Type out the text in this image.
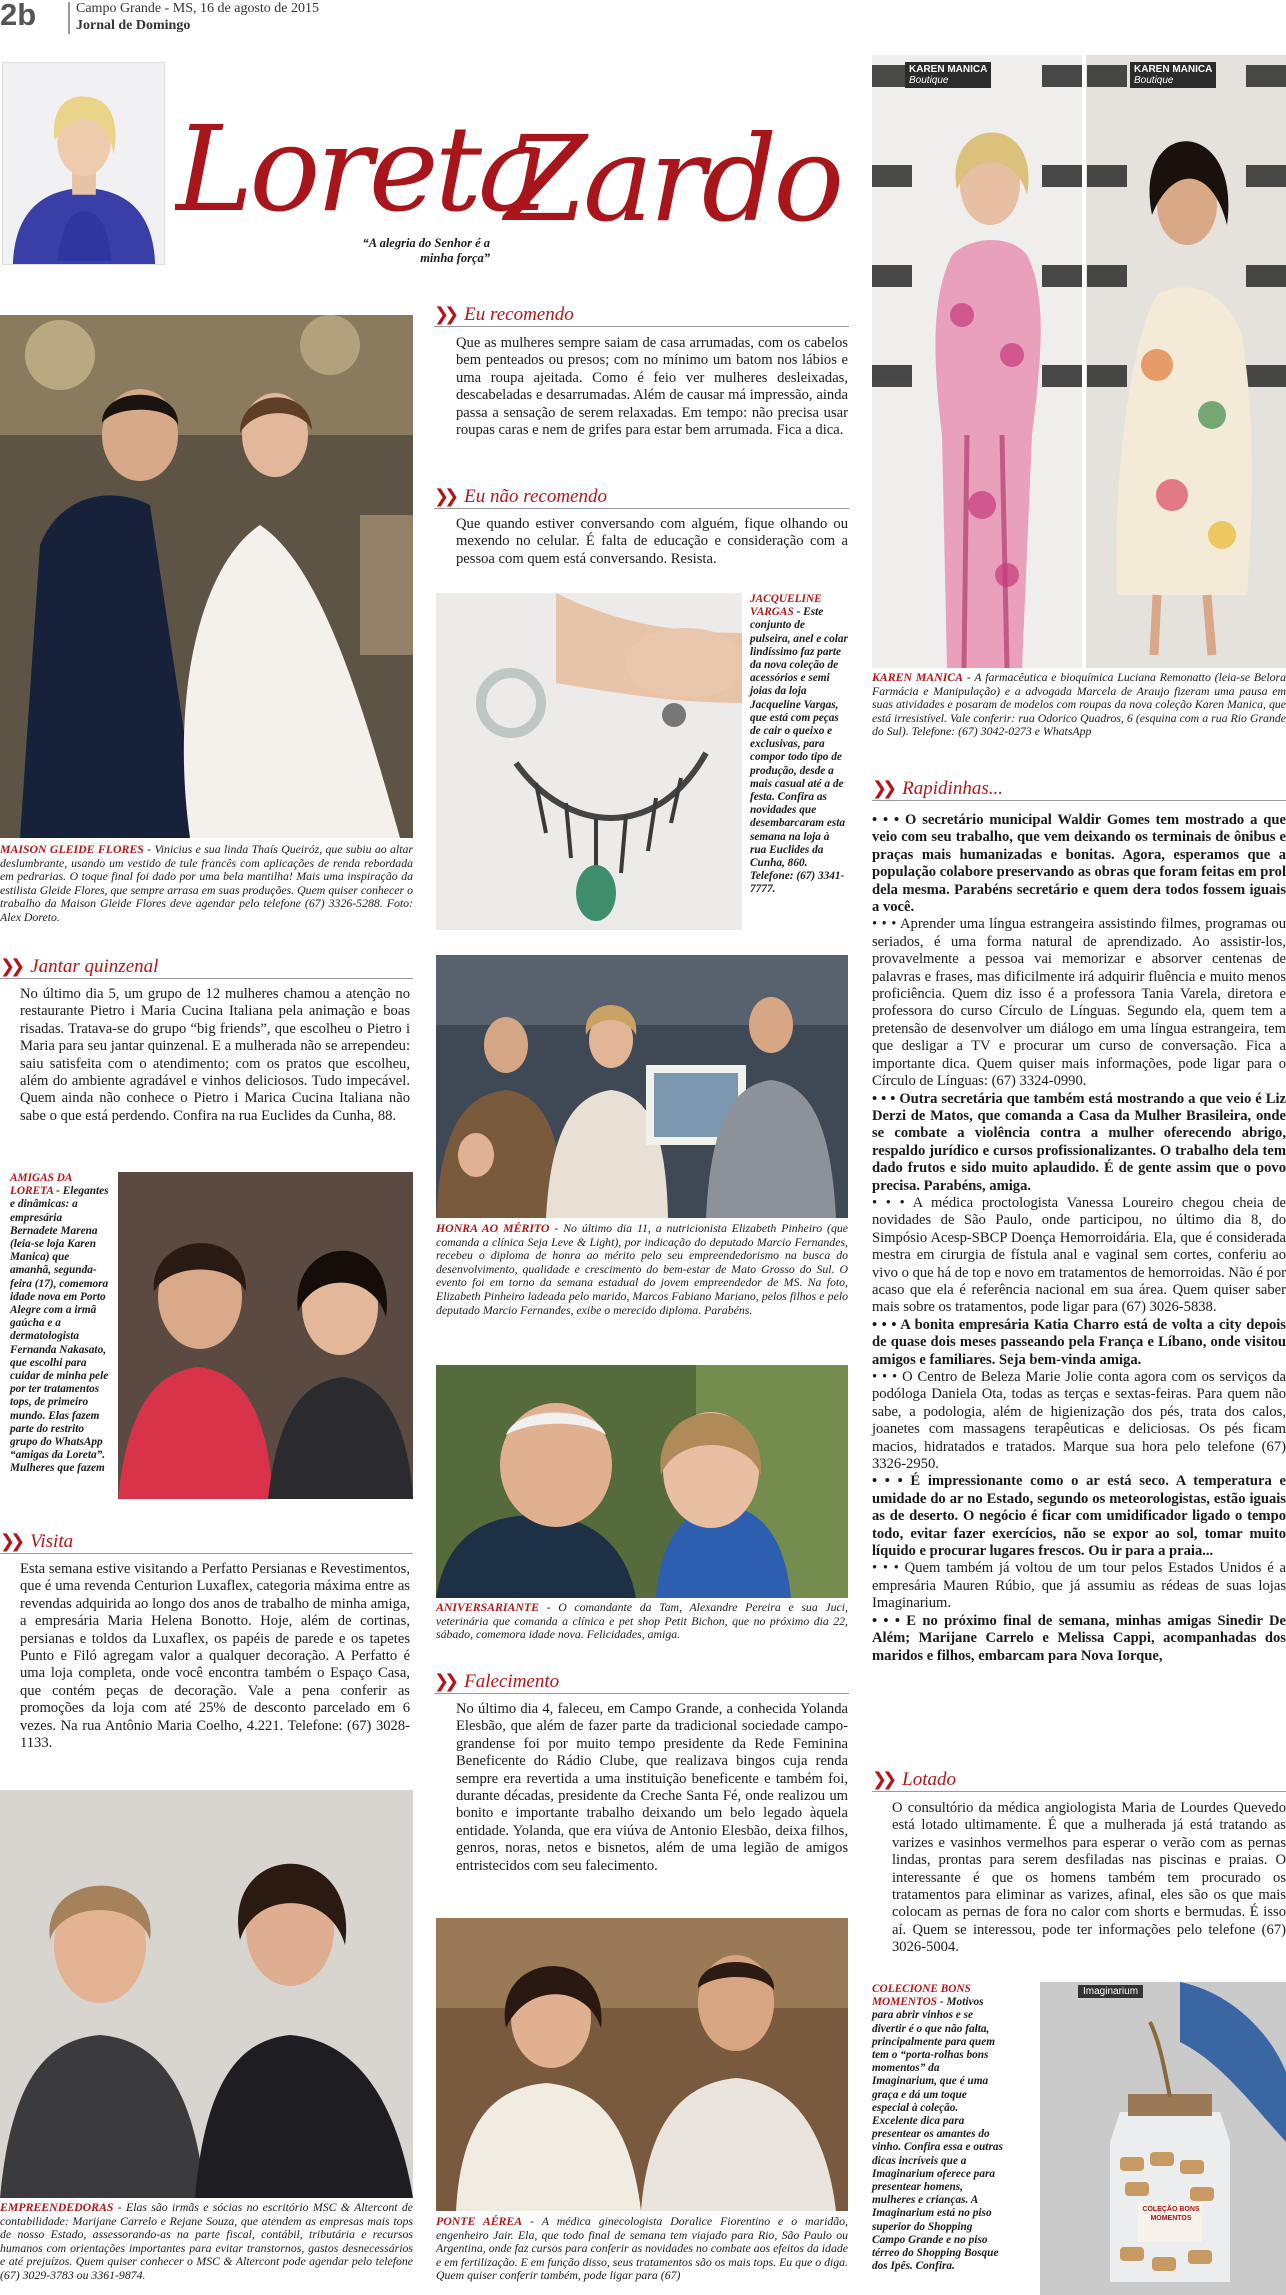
2b	Campo Grande - MS, 16 de agosto de 2015
Jornal de Domingo
Loreta
Zardo
“A alegria do Senhor é a
minha força”
MAISON GLEIDE FLORES - Vinicius e sua linda Thaís Queiróz, que subiu ao altar deslumbrante, usando um vestido de tule francês com aplicações de renda rebordada em pedrarias. O toque final foi dado por uma bela mantilha! Mais uma inspiração da estilista Gleide Flores, que sempre arrasa em suas produções. Quem quiser conhecer o trabalho da Maison Gleide Flores deve agendar pelo telefone (67) 3326-5288. Foto: Alex Doreto.
❯❯ Jantar quinzenal
No último dia 5, um grupo de 12 mulheres chamou a atenção no restaurante Pietro i Maria Cucina Italiana pela animação e boas risadas. Tratava-se do grupo “big friends”, que escolheu o Pietro i Maria para seu jantar quinzenal. E a mulherada não se arrependeu: saiu satisfeita com o atendimento; com os pratos que escolheu, além do ambiente agradável e vinhos deliciosos. Tudo impecável. Quem ainda não conhece o Pietro i Marica Cucina Italiana não sabe o que está perdendo. Confira na rua Euclides da Cunha, 88.
AMIGAS DA LORETA - Elegantes e dinâmicas: a empresária Bernadete Marena (leia-se loja Karen Manica) que amanhã, segunda-feira (17), comemora idade nova em Porto Alegre com a irmã gaúcha e a dermatologista Fernanda Nakasato, que escolhi para cuidar de minha pele por ter tratamentos tops, de primeiro mundo. Elas fazem parte do restrito grupo do WhatsApp “amigas da Loreta”. Mulheres que fazem
❯❯ Visita
Esta semana estive visitando a Perfatto Persianas e Revestimentos, que é uma revenda Centurion Luxaflex, categoria máxima entre as revendas adquirida ao longo dos anos de trabalho de minha amiga, a empresária Maria Helena Bonotto. Hoje, além de cortinas, persianas e toldos da Luxaflex, os papéis de parede e os tapetes Punto e Filó agregam valor a qualquer decoração. A Perfatto é uma loja completa, onde você encontra também o Espaço Casa, que contém peças de decoração. Vale a pena conferir as promoções da loja com até 25% de desconto parcelado em 6 vezes. Na rua Antônio Maria Coelho, 4.221. Telefone: (67) 3028-1133.
EMPREENDEDORAS - Elas são irmãs e sócias no escritório MSC & Altercont de contabilidade: Marijane Carrelo e Rejane Souza, que atendem as empresas mais tops de nosso Estado, assessorando-as na parte fiscal, contábil, tributária e recursos humanos com orientações importantes para evitar transtornos, gastos desnecessários e até prejuízos. Quem quiser conhecer o MSC & Altercont pode agendar pelo telefone (67) 3029-3783 ou 3361-9874.
❯❯ Eu recomendo
Que as mulheres sempre saiam de casa arrumadas, com os cabelos bem penteados ou presos; com no mínimo um batom nos lábios e uma roupa ajeitada. Como é feio ver mulheres desleixadas, descabeladas e desarrumadas. Além de causar má impressão, ainda passa a sensação de serem relaxadas. Em tempo: não precisa usar roupas caras e nem de grifes para estar bem arrumada. Fica a dica.
❯❯ Eu não recomendo
Que quando estiver conversando com alguém, fique olhando ou mexendo no celular. É falta de educação e consideração com a pessoa com quem está conversando. Resista.
JACQUELINE VARGAS - Este conjunto de pulseira, anel e colar lindíssimo faz parte da nova coleção de acessórios e semi joias da loja Jacqueline Vargas, que está com peças de cair o queixo e exclusivas, para compor todo tipo de produção, desde a mais casual até a de festa. Confira as novidades que desembarcaram esta semana na loja à rua Euclides da Cunha, 860. Telefone: (67) 3341-7777.
HONRA AO MÉRITO - No último dia 11, a nutricionista Elizabeth Pinheiro (que comanda a clínica Seja Leve & Light), por indicação do deputado Marcio Fernandes, recebeu o diploma de honra ao mérito pelo seu empreendedorismo na busca do desenvolvimento, qualidade e crescimento do bem-estar de Mato Grosso do Sul. O evento foi em torno da semana estadual do jovem empreendedor de MS. Na foto, Elizabeth Pinheiro ladeada pelo marido, Marcos Fabiano Mariano, pelos filhos e pelo deputado Marcio Fernandes, exibe o merecido diploma. Parabéns.
ANIVERSARIANTE - O comandante da Tam, Alexandre Pereira e sua Juci, veterinária que comanda a clínica e pet shop Petit Bichon, que no próximo dia 22, sábado, comemora idade nova. Felicidades, amiga.
❯❯ Falecimento
No último dia 4, faleceu, em Campo Grande, a conhecida Yolanda Elesbão, que além de fazer parte da tradicional sociedade campo-grandense foi por muito tempo presidente da Rede Feminina Beneficente do Rádio Clube, que realizava bingos cuja renda sempre era revertida a uma instituição beneficente e também foi, durante décadas, presidente da Creche Santa Fé, onde realizou um bonito e importante trabalho deixando um belo legado àquela entidade. Yolanda, que era viúva de Antonio Elesbão, deixa filhos, genros, noras, netos e bisnetos, além de uma legião de amigos entristecidos com seu falecimento.
PONTE AÉREA - A médica ginecologista Doralice Fiorentino e o maridão, engenheiro Jair. Ela, que todo final de semana tem viajado para Rio, São Paulo ou Argentina, onde faz cursos para conferir as novidades no combate aos efeitos da idade e em fertilização. E em função disso, seus tratamentos são os mais tops. Eu que o diga. Quem quiser conferir também, pode ligar para (67)
KAREN MANICA
Boutique
KAREN MANICA
Boutique
KAREN MANICA - A farmacêutica e bioquímica Luciana Remonatto (leia-se Belora Farmácia e Manipulação) e a advogada Marcela de Araujo fizeram uma pausa em suas atividades e posaram de modelos com roupas da nova coleção Karen Manica, que está irresistível. Vale conferir: rua Odorico Quadros, 6 (esquina com a rua Rio Grande do Sul). Telefone: (67) 3042-0273 e WhatsApp
❯❯ Rapidinhas...
• • • O secretário municipal Waldir Gomes tem mostrado a que veio com seu trabalho, que vem deixando os terminais de ônibus e praças mais humanizadas e bonitas. Agora, esperamos que a população colabore preservando as obras que foram feitas em prol dela mesma. Parabéns secretário e quem dera todos fossem iguais a você.
• • • Aprender uma língua estrangeira assistindo filmes, programas ou seriados, é uma forma natural de aprendizado. Ao assistir-los, provavelmente a pessoa vai memorizar e absorver centenas de palavras e frases, mas dificilmente irá adquirir fluência e muito menos proficiência. Quem diz isso é a professora Tania Varela, diretora e professora do curso Círculo de Línguas. Segundo ela, quem tem a pretensão de desenvolver um diálogo em uma língua estrangeira, tem que desligar a TV e procurar um curso de conversação. Fica a importante dica. Quem quiser mais informações, pode ligar para o Círculo de Línguas: (67) 3324-0990.
• • • Outra secretária que também está mostrando a que veio é Liz Derzi de Matos, que comanda a Casa da Mulher Brasileira, onde se combate a violência contra a mulher oferecendo abrigo, respaldo jurídico e cursos profissionalizantes. O trabalho dela tem dado frutos e sido muito aplaudido. É de gente assim que o povo precisa. Parabéns, amiga.
• • • A médica proctologista Vanessa Loureiro chegou cheia de novidades de São Paulo, onde participou, no último dia 8, do Simpósio Acesp-SBCP Doença Hemorroidária. Ela, que é considerada mestra em cirurgia de fístula anal e vaginal sem cortes, conferiu ao vivo o que há de top e novo em tratamentos de hemorroidas. Não é por acaso que ela é referência nacional em sua área. Quem quiser saber mais sobre os tratamentos, pode ligar para (67) 3026-5838.
• • • A bonita empresária Katia Charro está de volta a city depois de quase dois meses passeando pela França e Líbano, onde visitou amigos e familiares. Seja bem-vinda amiga.
• • • O Centro de Beleza Marie Jolie conta agora com os serviços da podóloga Daniela Ota, todas as terças e sextas-feiras. Para quem não sabe, a podologia, além de higienização dos pés, trata dos calos, joanetes com massagens terapêuticas e deliciosas. Os pés ficam macios, hidratados e tratados. Marque sua hora pelo telefone (67) 3326-2950.
• • • É impressionante como o ar está seco. A temperatura e umidade do ar no Estado, segundo os meteorologistas, estão iguais as de deserto. O negócio é ficar com umidificador ligado o tempo todo, evitar fazer exercícios, não se expor ao sol, tomar muito líquido e procurar lugares frescos. Ou ir para a praia...
• • • Quem também já voltou de um tour pelos Estados Unidos é a empresária Mauren Rúbio, que já assumiu as rédeas de suas lojas Imaginarium.
• • • E no próximo final de semana, minhas amigas Sinedir De Além; Marijane Carrelo e Melissa Cappi, acompanhadas dos maridos e filhos, embarcam para Nova Iorque,
❯❯ Lotado
O consultório da médica angiologista Maria de Lourdes Quevedo está lotado ultimamente. É que a mulherada já está tratando as varizes e vasinhos vermelhos para esperar o verão com as pernas lindas, prontas para serem desfiladas nas piscinas e praias. O interessante é que os homens também tem procurado os tratamentos para eliminar as varizes, afinal, eles são os que mais colocam as pernas de fora no calor com shorts e bermudas. É isso aí. Quem se interessou, pode ter informações pelo telefone (67) 3026-5004.
COLECIONE BONS MOMENTOS - Motivos para abrir vinhos e se divertir é o que não falta, principalmente para quem tem o “porta-rolhas bons momentos” da Imaginarium, que é uma graça e dá um toque especial à coleção. Excelente dica para presentear os amantes do vinho. Confira essa e outras dicas incríveis que a Imaginarium oferece para presentear homens, mulheres e crianças. A Imaginarium está no piso superior do Shopping Campo Grande e no piso térreo do Shopping Bosque dos Ipês. Confira.
Imaginarium
COLEÇÃO BONS MOMENTOS
